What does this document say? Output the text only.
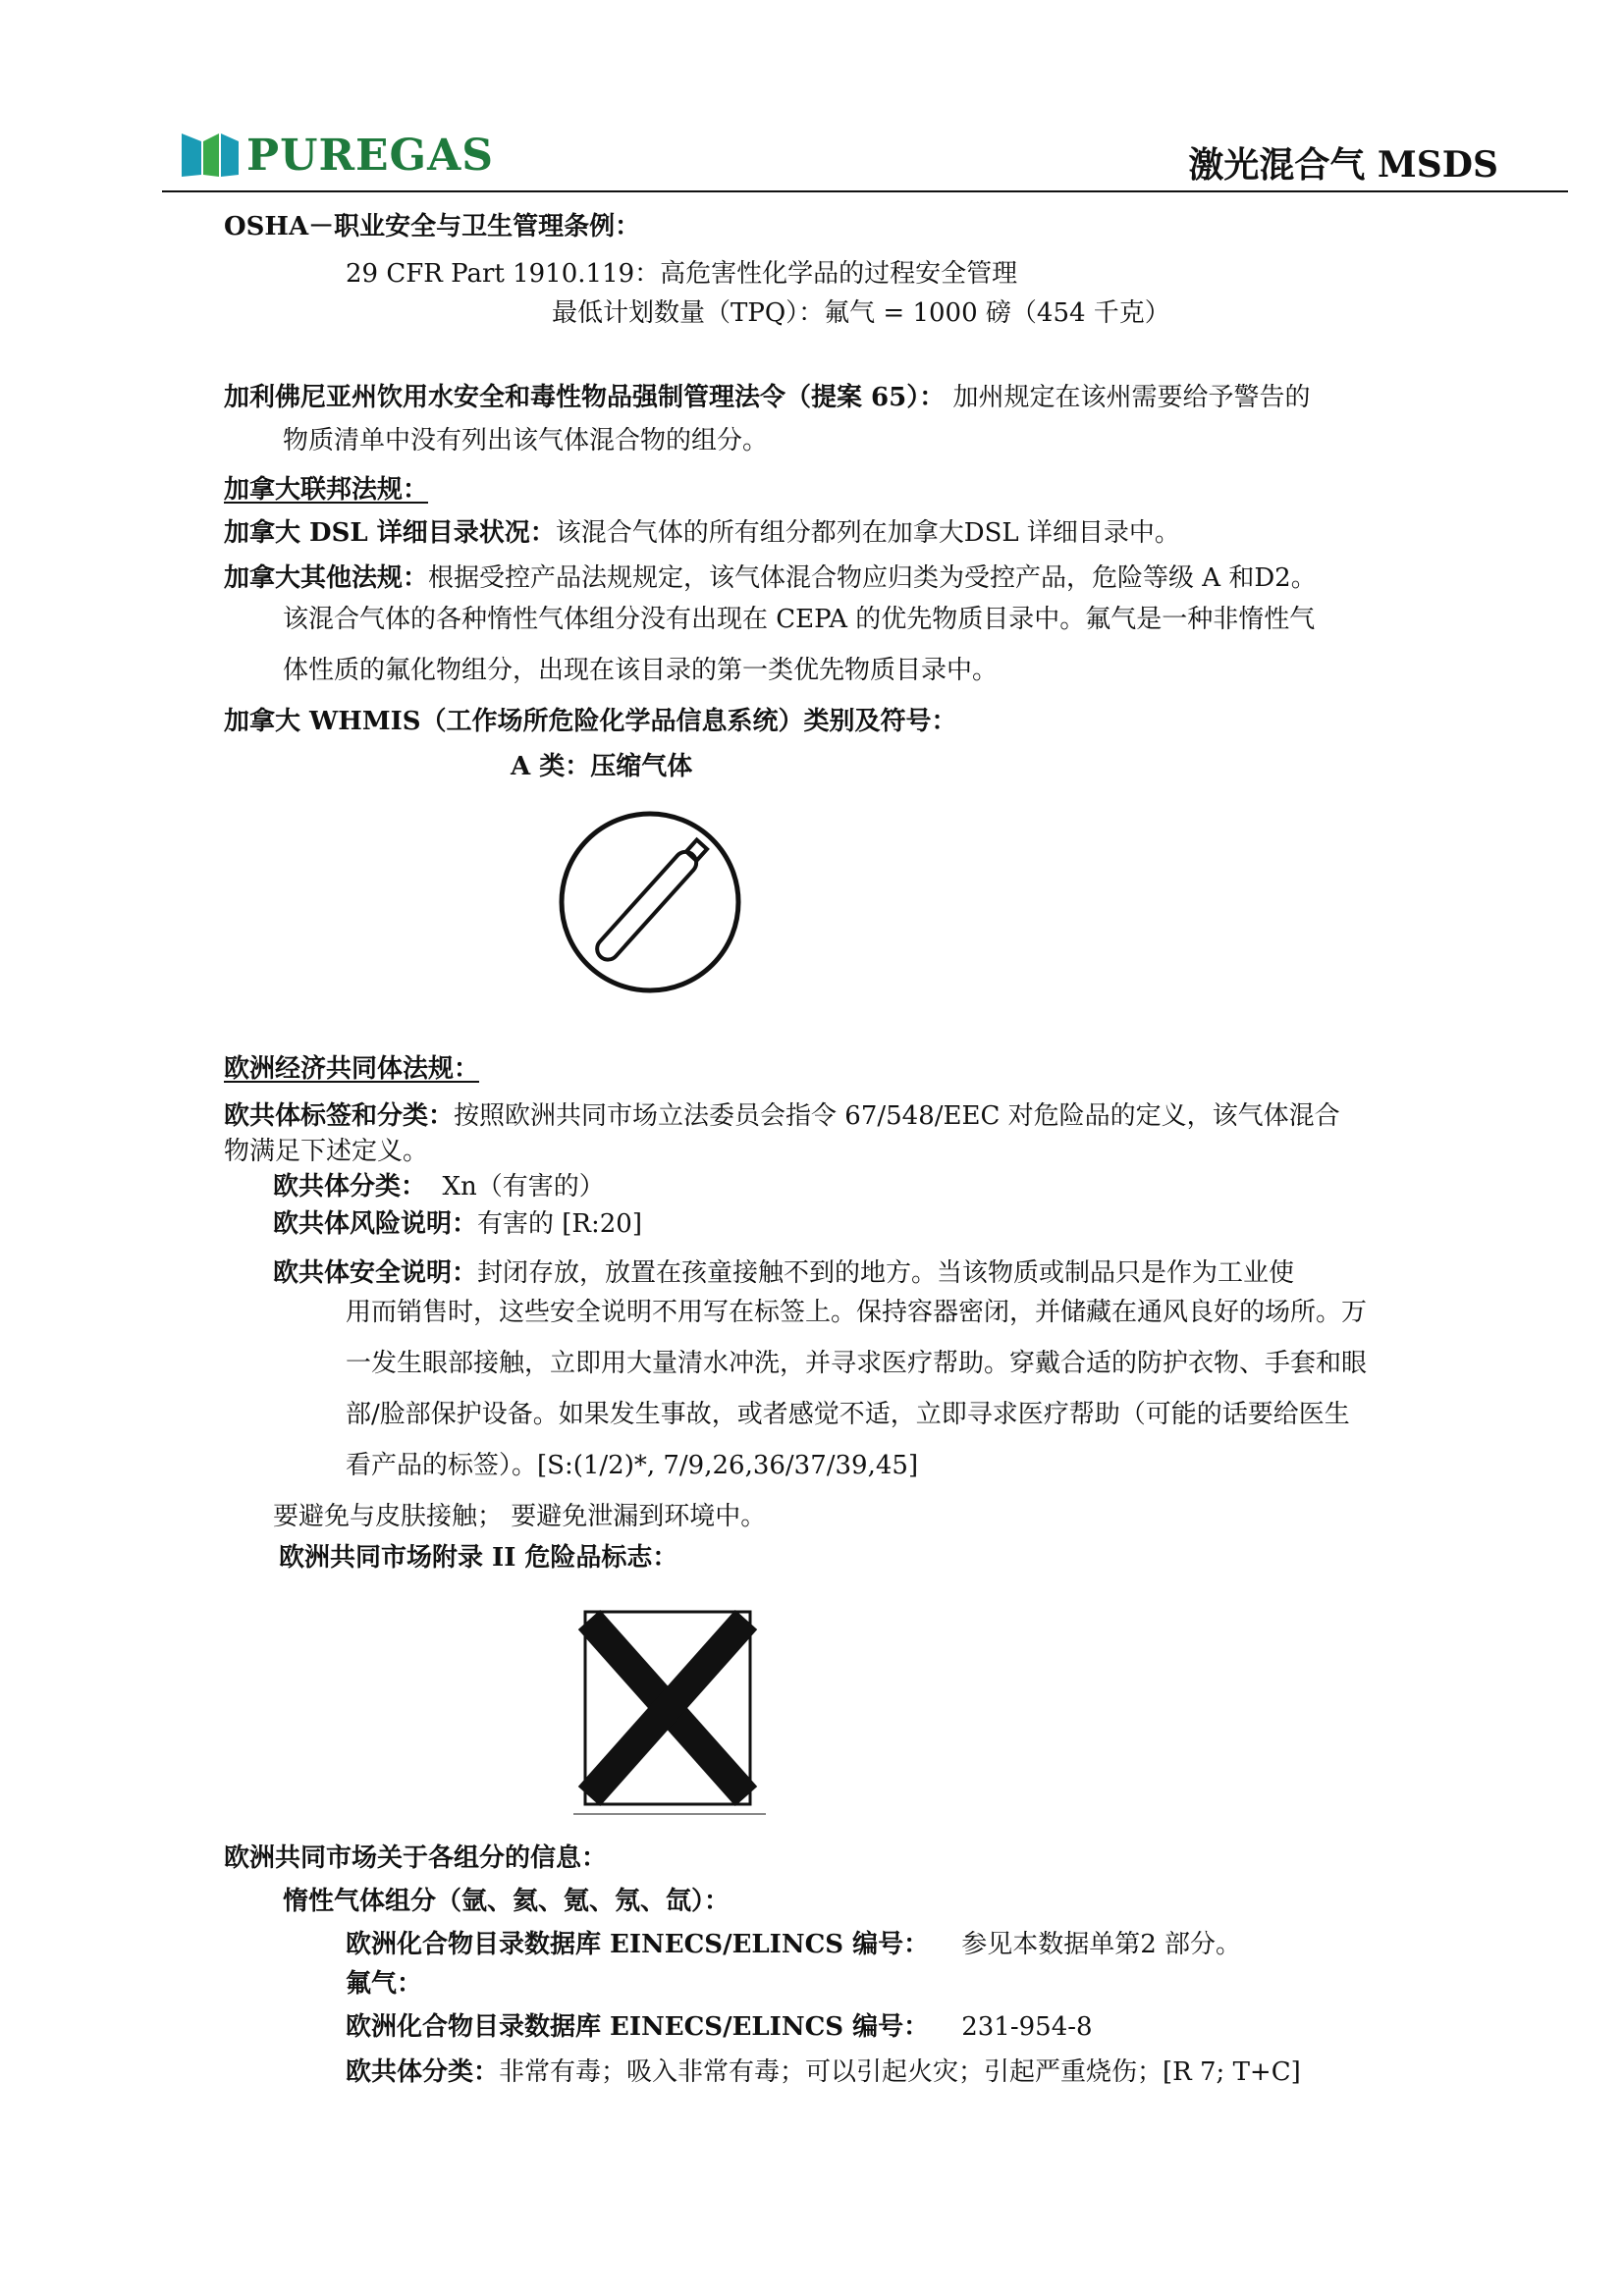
PUREGAS	激光混合气 MSDS
OSHA－职业安全与卫生管理条例：
29 CFR Part 1910.119：高危害性化学品的过程安全管理
最低计划数量（TPQ）：氟气 = 1000 磅（454 千克）
加利佛尼亚州饮用水安全和毒性物品强制管理法令（提案 65）： 加州规定在该州需要给予警告的
物质清单中没有列出该气体混合物的组分。
加拿大联邦法规：
加拿大 DSL 详细目录状况：该混合气体的所有组分都列在加拿大DSL 详细目录中。
加拿大其他法规：根据受控产品法规规定，该气体混合物应归类为受控产品，危险等级 A 和D2。
该混合气体的各种惰性气体组分没有出现在 CEPA 的优先物质目录中。氟气是一种非惰性气
体性质的氟化物组分，出现在该目录的第一类优先物质目录中。
加拿大 WHMIS（工作场所危险化学品信息系统）类别及符号：
A 类：压缩气体
欧洲经济共同体法规：
欧共体标签和分类：按照欧洲共同市场立法委员会指令 67/548/EEC 对危险品的定义，该气体混合
物满足下述定义。
欧共体分类： Xn（有害的）
欧共体风险说明：有害的 [R:20]
欧共体安全说明：封闭存放，放置在孩童接触不到的地方。当该物质或制品只是作为工业使
用而销售时，这些安全说明不用写在标签上。保持容器密闭，并储藏在通风良好的场所。万
一发生眼部接触，立即用大量清水冲洗，并寻求医疗帮助。穿戴合适的防护衣物、手套和眼
部/脸部保护设备。如果发生事故，或者感觉不适，立即寻求医疗帮助（可能的话要给医生
看产品的标签）。[S:(1/2)*, 7/9,26,36/37/39,45]
要避免与皮肤接触； 要避免泄漏到环境中。
欧洲共同市场附录 II 危险品标志：
欧洲共同市场关于各组分的信息：
惰性气体组分（氩、氦、氪、氖、氙）：
欧洲化合物目录数据库 EINECS/ELINCS 编号： 参见本数据单第2 部分。
氟气：
欧洲化合物目录数据库 EINECS/ELINCS 编号： 231-954-8
欧共体分类：非常有毒；吸入非常有毒；可以引起火灾；引起严重烧伤；[R 7; T+C]
